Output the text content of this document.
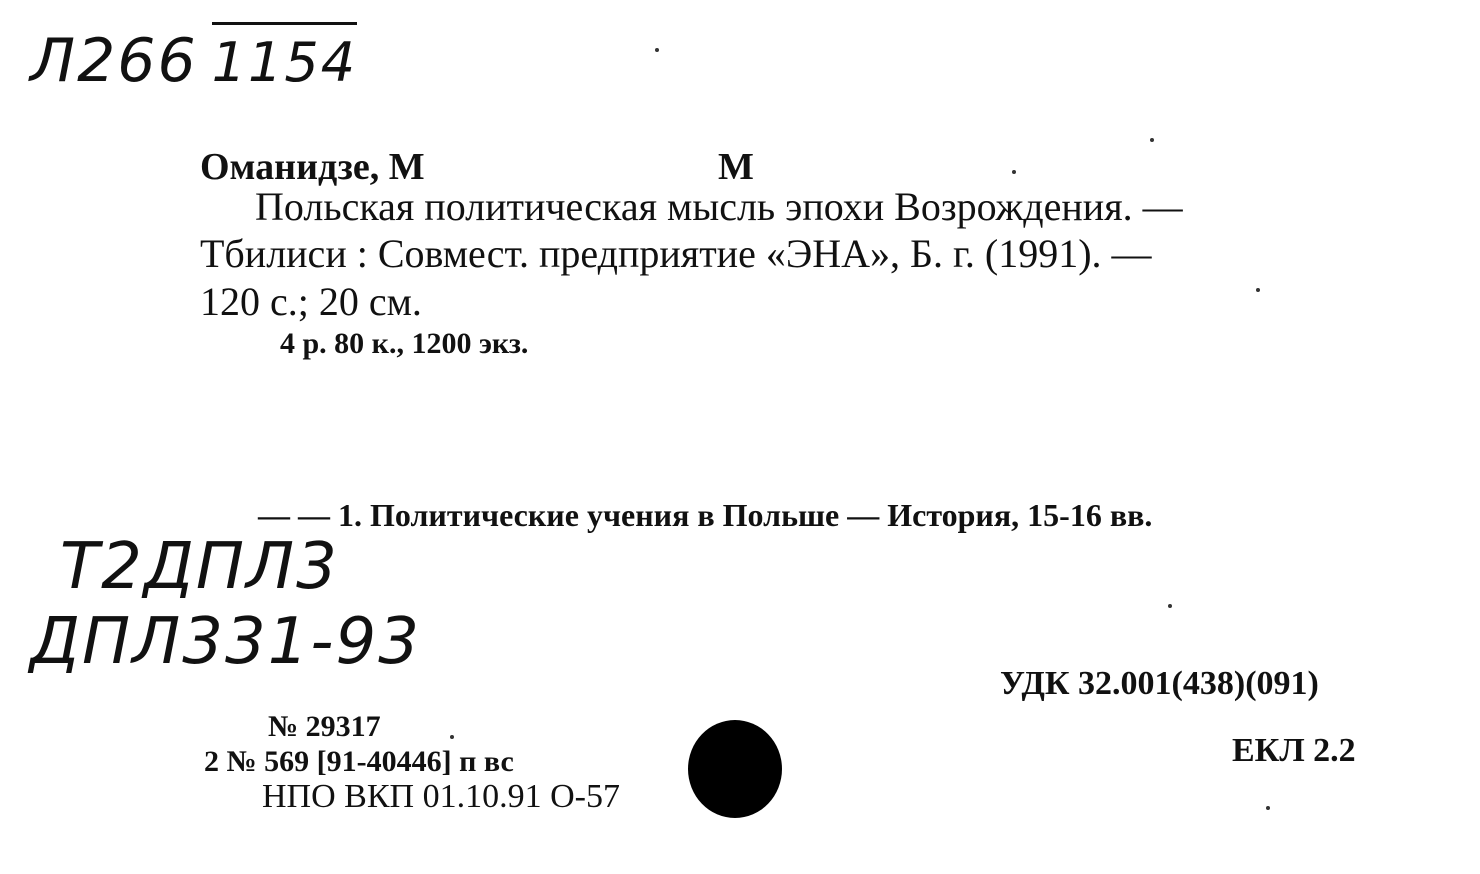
Л266 1154
Оманидзе, М	М
Польская политическая мысль эпохи Возрождения. —
Тбилиси : Совмест. предприятие «ЭНА», Б. г. (1991). —
120 с.; 20 см.
4 р. 80 к., 1200 экз.
— — 1. Политические учения в Польше — История, 15-16 вв.
Т2ДПЛ3
ДПЛ331-93
УДК 32.001(438)(091)
ЕКЛ 2.2
№ 29317
2 № 569 [91-40446] п вс
НПО ВКП 01.10.91 О-57
